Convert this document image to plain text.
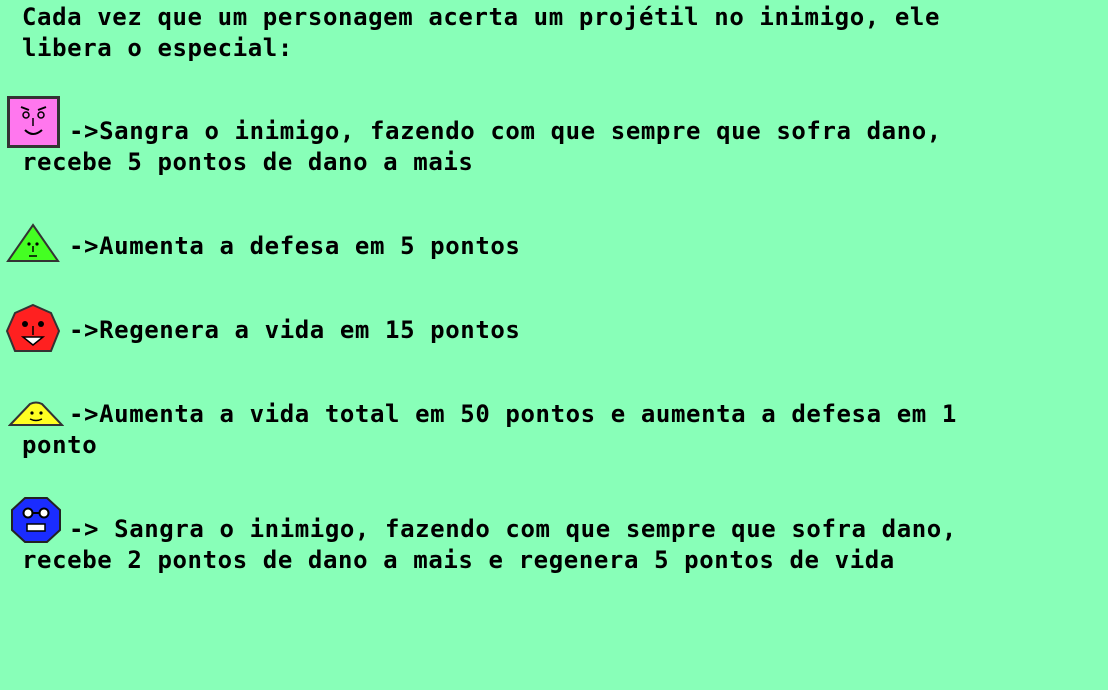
Cada vez que um personagem acerta um projétil no inimigo, ele
libera o especial:
->Sangra o inimigo, fazendo com que sempre que sofra dano,
recebe 5 pontos de dano a mais
->Aumenta a defesa em 5 pontos
->Regenera a vida em 15 pontos
->Aumenta a vida total em 50 pontos e aumenta a defesa em 1
ponto
-> Sangra o inimigo, fazendo com que sempre que sofra dano,
recebe 2 pontos de dano a mais e regenera 5 pontos de vida
